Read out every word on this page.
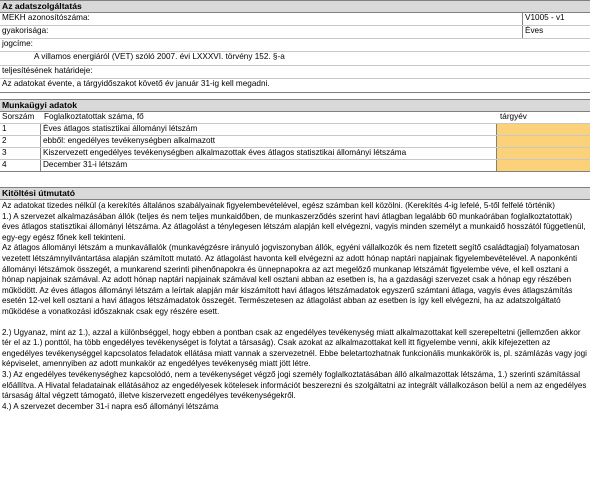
Az adatszolgáltatás
MEKH azonosítószáma:	V1005 - v1
gyakorisága:	Éves
jogcíme:
A villamos energiáról (VET) szóló 2007. évi LXXXVI. törvény 152. §-a
teljesítésének határideje:
Az adatokat évente, a tárgyidőszakot követő év január 31-ig kell megadni.
Munkaügyi adatok
Sorszám Foglalkoztatottak száma, fő	tárgyév
1	Éves átlagos statisztikai állományi létszám
2	ebből: engedélyes tevékenységben alkalmazott
3	Kiszervezett engedélyes tevékenységben alkalmazottak éves átlagos statisztikai állományi létszáma
4	December 31-i létszám
Kitöltési útmutató
Az adatokat tizedes nélkül (a kerekítés általános szabályainak figyelembevételével, egész számban kell közölni. (Kerekítés 4-ig lefelé, 5-től felfelé történik)
1.) A szervezet alkalmazásában állók (teljes és nem teljes munkaidőben, de munkaszerződés szerint havi átlagban legalább 60 munkaórában foglalkoztatottak) éves átlagos statisztikai állományi létszáma. Az átlagolást a ténylegesen létszám alapján kell elvégezni, vagyis minden személyt a munkaidő hosszától függetlenül, egy-egy egész főnek kell tekinteni.
Az átlagos állományi létszám a munkavállalók (munkavégzésre irányuló jogviszonyban állók, egyéni vállalkozók és nem fizetett segítő családtagjai) folyamatosan vezetett létszámnyilvántartása alapján számított mutató. Az átlagolást havonta kell elvégezni az adott hónap naptári napjainak figyelembevételével. A naponkénti állományi létszámok összegét, a munkarend szerinti pihenőnapokra és ünnepnapokra az azt megelőző munkanap létszámát figyelembe véve, el kell osztani a hónap napjainak számával. Az adott hónap naptári napjainak számával kell osztani abban az esetben is, ha a gazdasági szervezet csak a hónap egy részében működött. Az éves átlagos állományi létszám a leírtak alapján már kiszámított havi átlagos létszámadatok egyszerű számtani átlaga, vagyis éves átlagszámítás esetén 12-vel kell osztani a havi átlagos létszámadatok összegét. Természetesen az átlagolást abban az esetben is így kell elvégezni, ha az adatszolgáltató működése a vonatkozási időszaknak csak egy részére esett.
2.) Ugyanaz, mint az 1.), azzal a különbséggel, hogy ebben a pontban csak az engedélyes tevékenység miatt alkalmazottakat kell szerepeltetni (jellemzően akkor tér el az 1.) ponttól, ha több engedélyes tevékenységet is folytat a társaság). Csak azokat az alkalmazottakat kell itt figyelembe venni, akik kifejezetten az engedélyes tevékenységgel kapcsolatos feladatok ellátása miatt vannak a szervezetnél. Ebbe beletartozhatnak funkcionális munkakörök is, pl. számlázás vagy jogi képviselet, amennyiben az adott munkakör az engedélyes tevékenység miatt jött létre.
3.) Az engedélyes tevékenységhez kapcsolódó, nem a tevékenységet végző jogi személy foglalkoztatásában álló alkalmazottak létszáma, 1.) szerinti számítással előállítva. A Hivatal feladatainak ellátásához az engedélyesek kötelesek információt beszerezni és szolgáltatni az integrált vállalkozáson belül a nem az engedélyes társaság által végzett támogató, illetve kiszervezett engedélyes tevékenységekről.
4.) A szervezet december 31-i napra eső állományi létszáma
